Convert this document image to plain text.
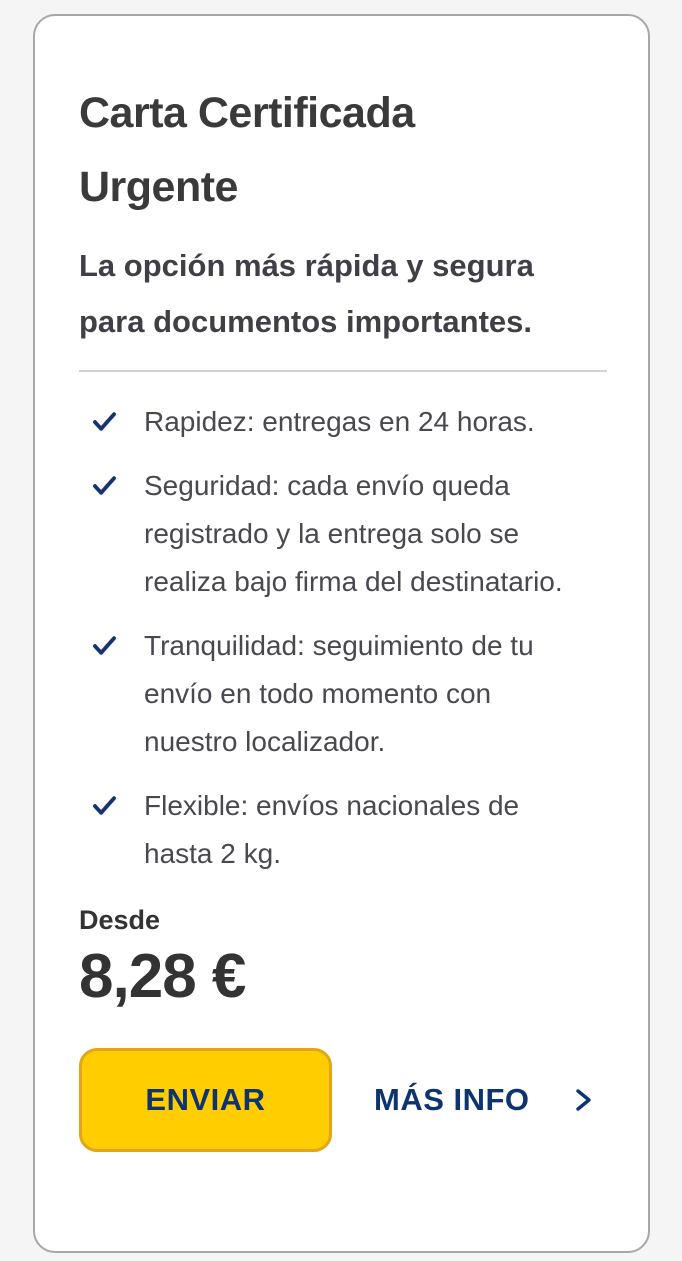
Carta Certificada Urgente

La opción más rápida y segura para documentos importantes.

Rapidez: entregas en 24 horas.
Seguridad: cada envío queda registrado y la entrega solo se realiza bajo firma del destinatario.
Tranquilidad: seguimiento de tu envío en todo momento con nuestro localizador.
Flexible: envíos nacionales de hasta 2 kg.
Desde
8,28 €
ENVIAR	MÁS INFO
